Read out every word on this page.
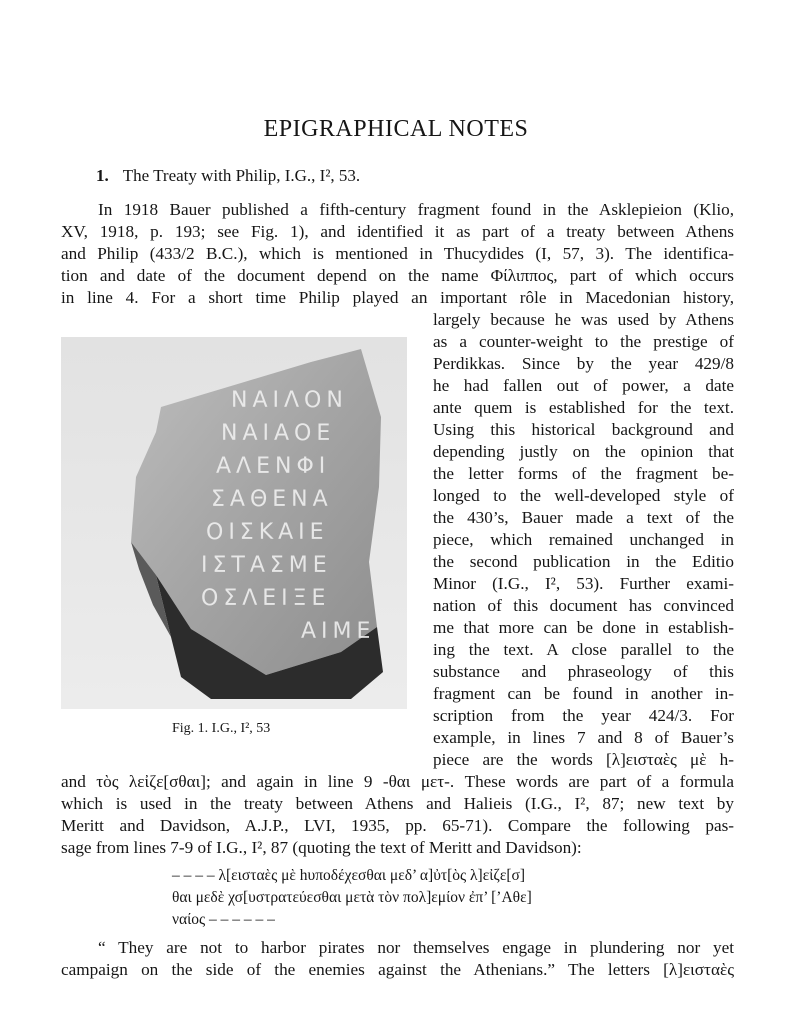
EPIGRAPHICAL NOTES
1. The Treaty with Philip, I.G., I², 53.
In 1918 Bauer published a fifth-century fragment found in the Asklepieion (Klio,
XV, 1918, p. 193; see Fig. 1), and identified it as part of a treaty between Athens
and Philip (433/2 B.C.), which is mentioned in Thucydides (I, 57, 3). The identifica-
tion and date of the document depend on the name Φίλιππος, part of which occurs
in line 4. For a short time Philip played an important rôle in Macedonian history,
ΝΑΙΛΟΝ
ΝΑΙΑΟΕ
ΑΛΕΝΦΙ
ΣΑΘΕΝΑ
ΟΙΣΚΑΙΕ
ΙΣΤΑΣΜΕ
ΟΣΛΕΙΞΕ
ΑΙΜΕ
Fig. 1. I.G., I², 53
largely because he was used by Athens
as a counter-weight to the prestige of
Perdikkas. Since by the year 429/8
he had fallen out of power, a date
ante quem is established for the text.
Using this historical background and
depending justly on the opinion that
the letter forms of the fragment be-
longed to the well-developed style of
the 430’s, Bauer made a text of the
piece, which remained unchanged in
the second publication in the Editio
Minor (I.G., I², 53). Further exami-
nation of this document has convinced
me that more can be done in establish-
ing the text. A close parallel to the
substance and phraseology of this
fragment can be found in another in-
scription from the year 424/3. For
example, in lines 7 and 8 of Bauer’s
piece are the words [λ]εισταὲς μὲ h-
and τὸς λεἰζε[σθαι]; and again in line 9 -θαι μετ-. These words are part of a formula
which is used in the treaty between Athens and Halieis (I.G., I², 87; new text by
Meritt and Davidson, A.J.P., LVI, 1935, pp. 65-71). Compare the following pas-
sage from lines 7-9 of I.G., I², 87 (quoting the text of Meritt and Davidson):
– – – – λ[εισταὲς μὲ hυποδέχεσθαι μεδ’ α]ὐτ[ὸς λ]εἰζε[σ]
θαι μεδὲ χσ[υστρατεύεσθαι μετὰ τὸν πολ]εμίον ἐπ’ [’Αθε]
ναίος – – – – – –
“ They are not to harbor pirates nor themselves engage in plundering nor yet
campaign on the side of the enemies against the Athenians.” The letters [λ]εισταὲς
